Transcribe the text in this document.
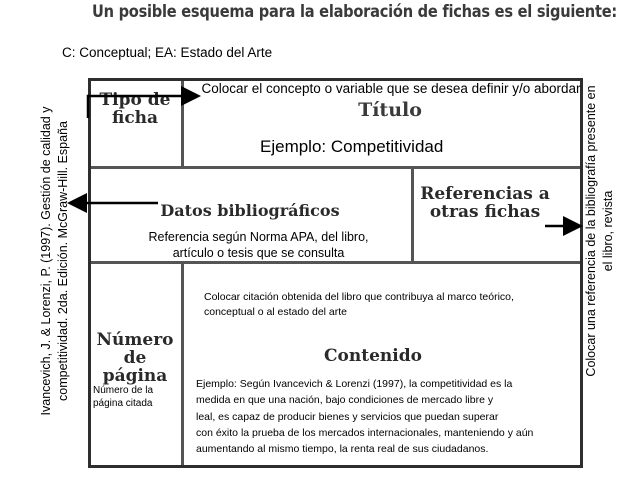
Un posible esquema para la elaboración de fichas es el siguiente:
C: Conceptual; EA: Estado del Arte
Ivancevich, J. & Lorenzi, P. (1997). Gestión de calidad y competitividad. 2da. Edición. McGraw-Hill. España	Colocar una referencia de la bibliografía presente en el libro, revista
Tipo de
ficha	Título
Colocar el concepto o variable que se desea definir y/o abordar
Ejemplo: Competitividad
Datos bibliográficos
Referencia según Norma APA, del libro, artículo o tesis que se consulta
Referencias a
otras fichas
Número
de página
Número de la página citada
Colocar citación obtenida del libro que contribuya al marco teórico, conceptual o al estado del arte
Contenido
Ejemplo: Según Ivancevich & Lorenzi (1997), la competitividad es la
medida en que una nación, bajo condiciones de mercado libre y
leal, es capaz de producir bienes y servicios que puedan superar
con éxito la prueba de los mercados internacionales, manteniendo y aún
aumentando al mismo tiempo, la renta real de sus ciudadanos.
